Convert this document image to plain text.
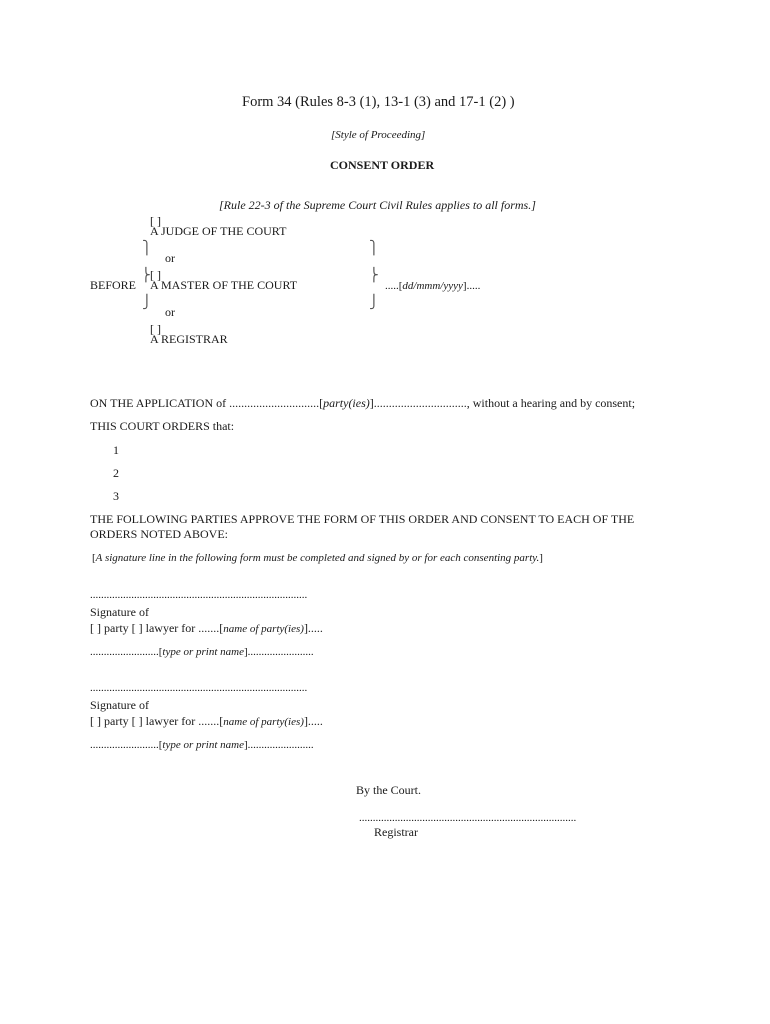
Form 34 (Rules 8-3 (1), 13-1 (3) and 17-1 (2) )
[Style of Proceeding]
CONSENT ORDER
[Rule 22-3 of the Supreme Court Civil Rules applies to all forms.]
[ ]
A JUDGE OF THE COURT
⎫	⎫
or
BEFORE
⎬ [ ]
A MASTER OF THE COURT
⎬
.....[dd/mmm/yyyy].....
⎭	⎭
or
[ ]
A REGISTRAR
ON THE APPLICATION of ..............................[party(ies)]..............................., without a hearing and by consent;
THIS COURT ORDERS that:
1
2
3
THE FOLLOWING PARTIES APPROVE THE FORM OF THIS ORDER AND CONSENT TO EACH OF THE
ORDERS NOTED ABOVE:
[A signature line in the following form must be completed and signed by or for each consenting party.]
...............................................................................
Signature of
[ ] party [ ] lawyer for .......[name of party(ies)].....
.........................[type or print name]........................
...............................................................................
Signature of
[ ] party [ ] lawyer for .......[name of party(ies)].....
.........................[type or print name]........................
By the Court.
...............................................................................
Registrar
